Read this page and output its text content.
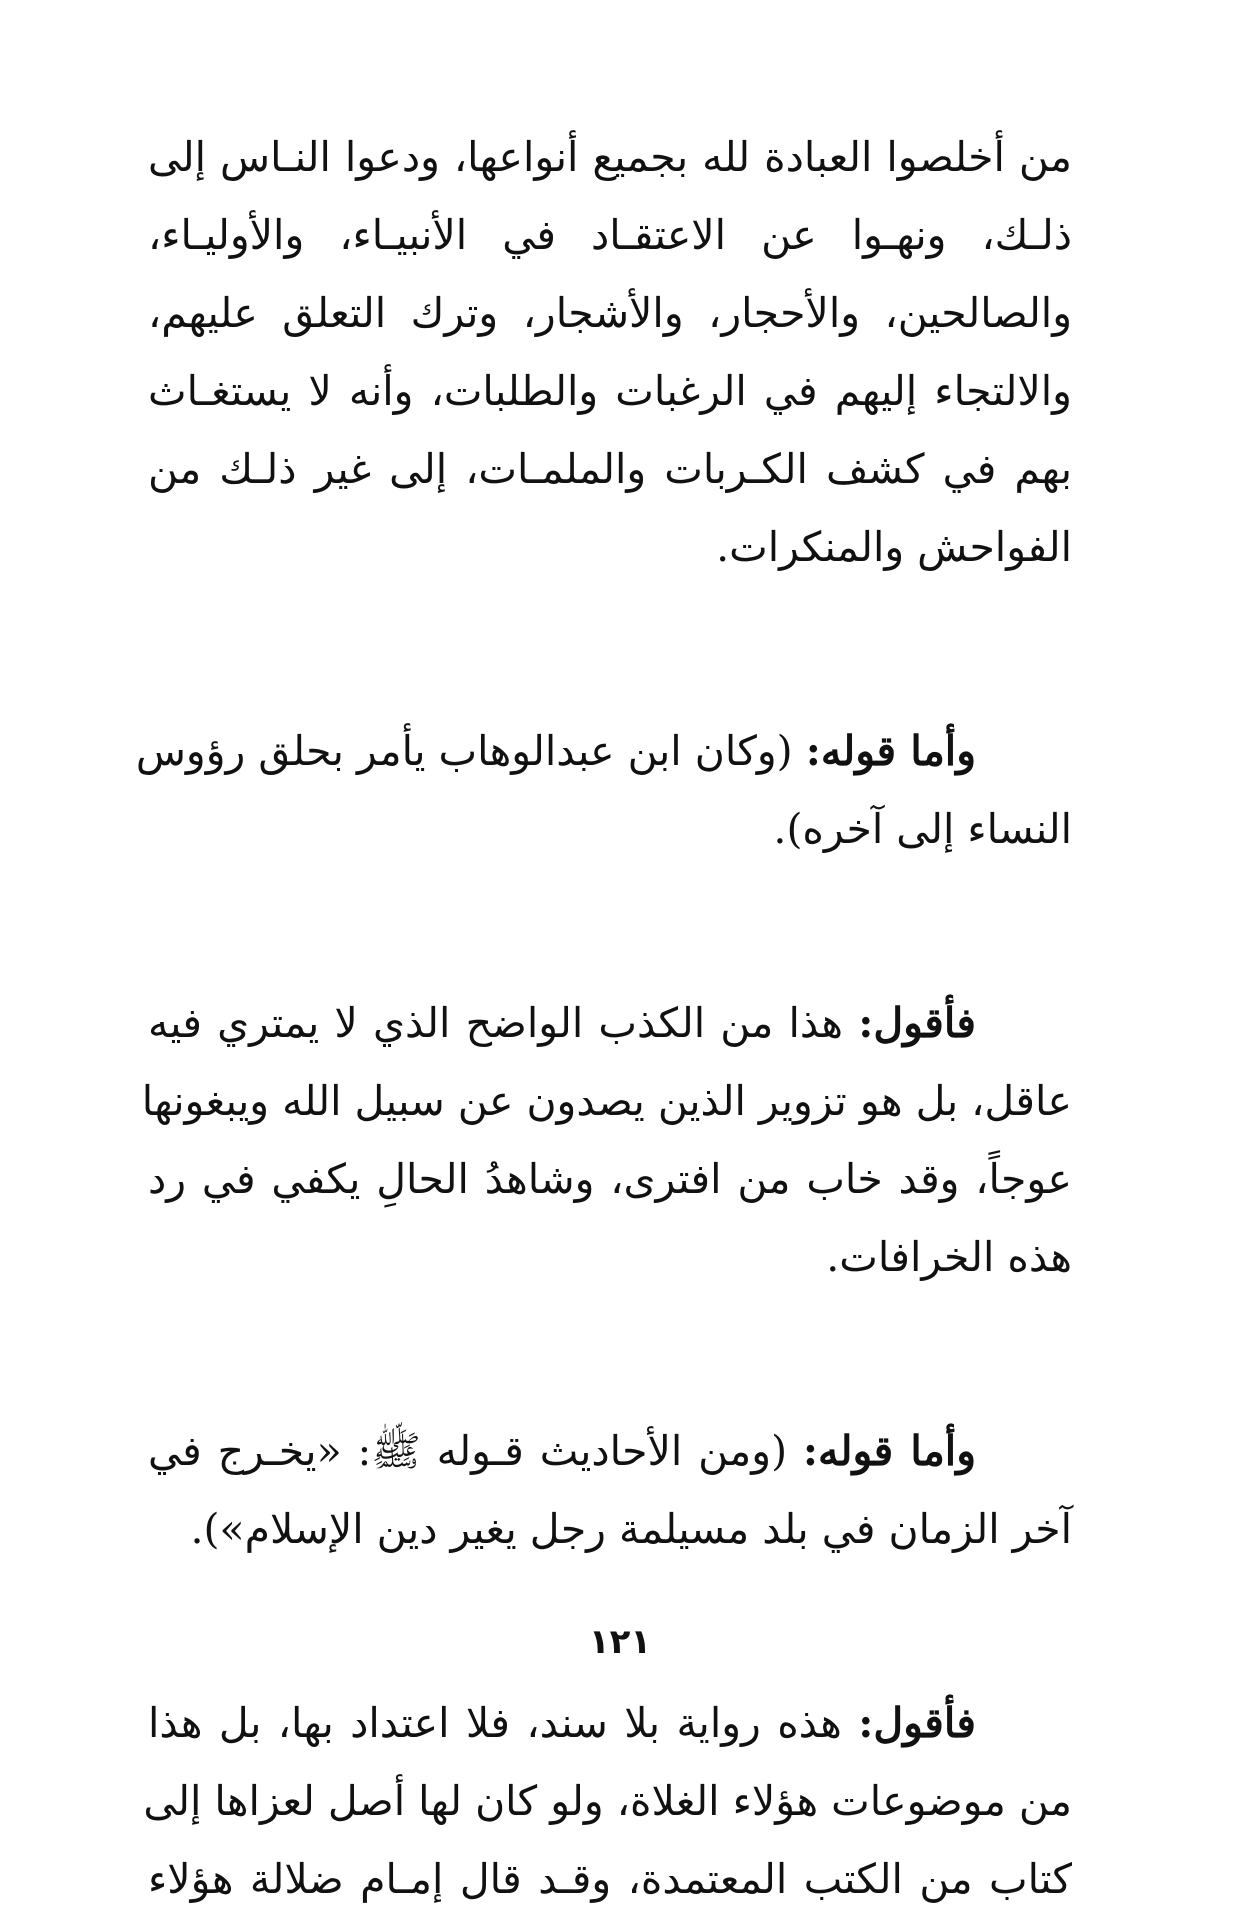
من أخلصوا العبادة لله بجميع أنواعها، ودعوا النـاس إلى
ذلـك، ونهـوا عن الاعتقـاد في الأنبيـاء، والأوليـاء،
والصالحين، والأحجار، والأشجار، وترك التعلق عليهم،
والالتجاء إليهم في الرغبات والطلبات، وأنه لا يستغـاث
بهم في كشف الكـربات والملمـات، إلى غير ذلـك من
الفواحش والمنكرات.

وأما قوله: (وكان ابن عبدالوهاب يأمر بحلق رؤوس
النساء إلى آخره).

فأقول: هذا من الكذب الواضح الذي لا يمتري فيه
عاقل، بل هو تزوير الذين يصدون عن سبيل الله ويبغونها
عوجاً، وقد خاب من افترى، وشاهدُ الحالِ يكفي في رد
هذه الخرافات.

وأما قوله: (ومن الأحاديث قـوله ﷺ: «يخـرج في
آخر الزمان في بلد مسيلمة رجل يغير دين الإسلام»).

فأقول: هذه رواية بلا سند، فلا اعتداد بها، بل هذا
من موضوعات هؤلاء الغلاة، ولو كان لها أصل لعزاها إلى
كتاب من الكتب المعتمدة، وقـد قال إمـام ضلالة هؤلاء

١٢١
